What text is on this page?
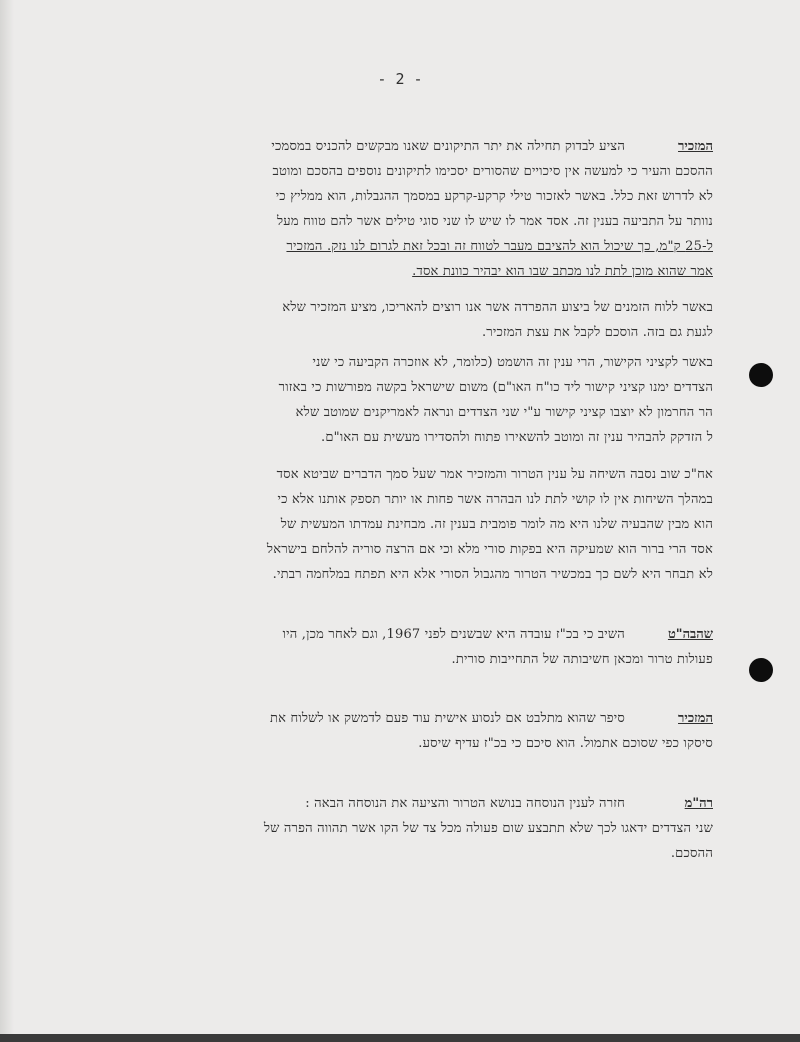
- 2 -
המזכיר
הציע לבדוק תחילה את יתר התיקונים שאנו מבקשים להכניס במסמכי
ההסכם והעיר כי למעשה אין סיכויים שהסורים יסכימו לתיקונים נוספים בהסכם ומוטב
לא לדרוש זאת כלל. באשר לאזכור טילי קרקע-קרקע במסמך ההגבלות, הוא ממליץ כי
נוותר על התביעה בענין זה. אסד אמר לו שיש לו שני סוגי טילים אשר להם טווח מעל
ל-25 ק"מ, כך שיכול הוא להציבם מעבר לטווח זה ובכל זאת לגרום לנו נזק. המזכיר
אמר שהוא מוכן לתת לנו מכתב שבו הוא יבהיר כוונת אסד.
באשר ללוח הזמנים של ביצוע ההפרדה אשר אנו רוצים להאריכו, מציע המזכיר שלא
לגעת גם בזה. הוסכם לקבל את עצת המזכיר.
באשר לקציני הקישור, הרי ענין זה הושמט (כלומר, לא אוזכרה הקביעה כי שני
הצדדים ימנו קציני קישור ליד כו"ח האו"ם) משום שישראל בקשה מפורשות כי באזור
הר החרמון לא יוצבו קציני קישור ע"י שני הצדדים ונראה לאמריקנים שמוטב שלא
ל הזדקק להבהיר ענין זה ומוטב להשאירו פתוח ולהסדירו מעשית עם האו"ם.
אח"כ שוב נסבה השיחה על ענין הטרור והמזכיר אמר שעל סמך הדברים שביטא אסד
במהלך השיחות אין לו קושי לתת לנו הבהרה אשר פחות או יותר תספק אותנו אלא כי
הוא מבין שהבעיה שלנו היא מה לומר פומבית בענין זה. מבחינת עמדתו המעשית של
אסד הרי ברור הוא שמעיקה היא בפקות סורי מלא וכי אם הרצה סוריה להלחם בישראל
לא תבחר היא לשם כך במכשיר הטרור מהגבול הסורי אלא היא תפתח במלחמה רבתי.
שהבה"ט
השיב כי בכ"ז עובדה היא שבשנים לפני 1967, וגם לאחר מכן, היו
פעולות טרור ומכאן חשיבותה של התחייבות סורית.
המזכיר
סיפר שהוא מתלבט אם לנסוע אישית עוד פעם לדמשק או לשלוח את
סיסקו כפי שסוכם אתמול. הוא סיכם כי בכ"ז עדיף שיסע.
רה"מ
חזרה לענין הנוסחה בנושא הטרור והציעה את הנוסחה הבאה :
שני הצדדים ידאגו לכך שלא תתבצע שום פעולה מכל צד של הקו אשר תהווה הפרה של
ההסכם.
